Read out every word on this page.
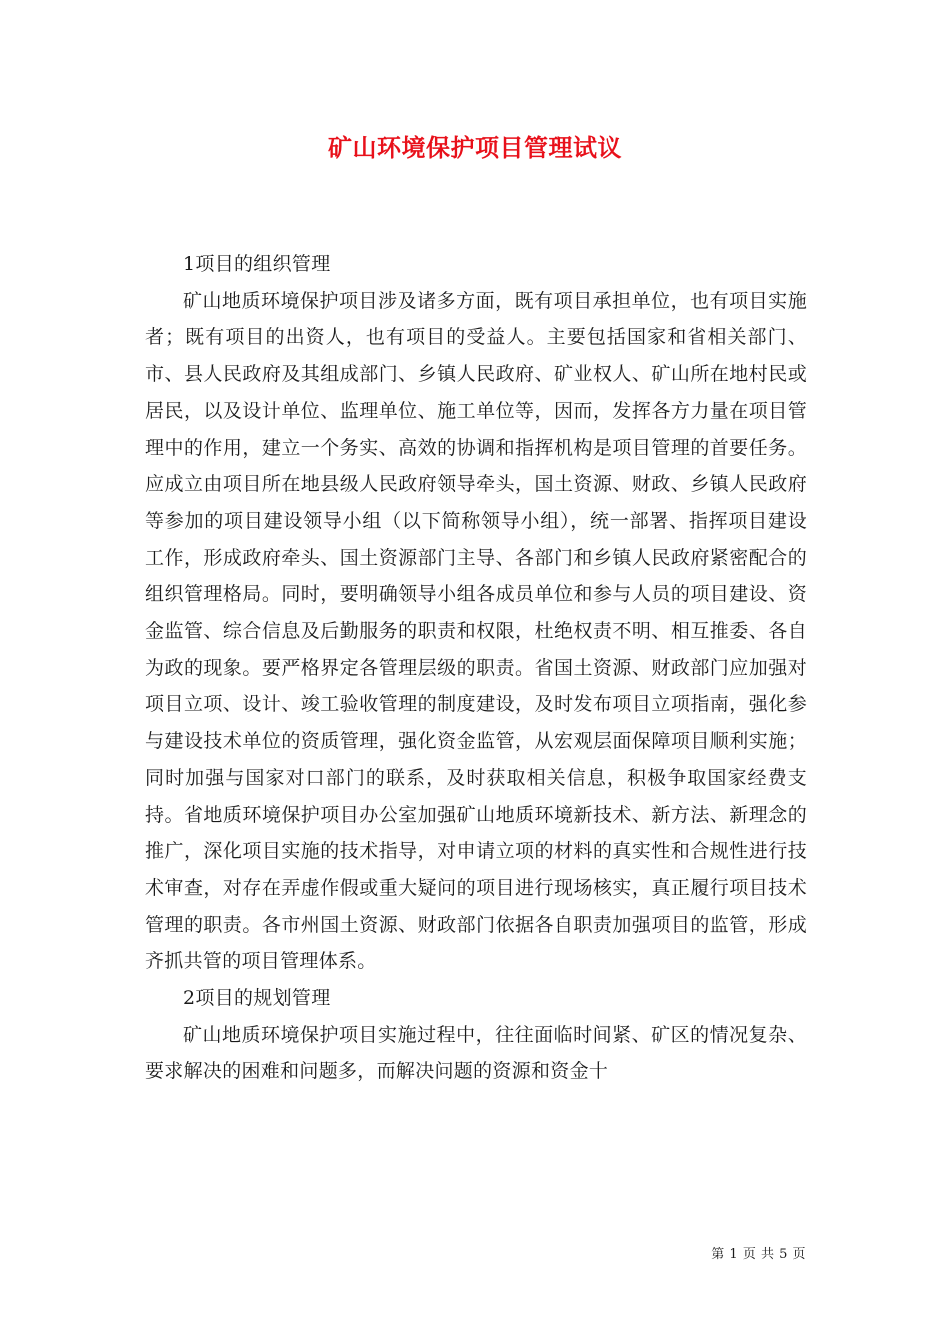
矿山环境保护项目管理试议

1项目的组织管理

矿山地质环境保护项目涉及诸多方面，既有项目承担单位，也有项目实施者；既有项目的出资人，也有项目的受益人。主要包括国家和省相关部门、市、县人民政府及其组成部门、乡镇人民政府、矿业权人、矿山所在地村民或居民，以及设计单位、监理单位、施工单位等，因而，发挥各方力量在项目管理中的作用，建立一个务实、高效的协调和指挥机构是项目管理的首要任务。应成立由项目所在地县级人民政府领导牵头，国土资源、财政、乡镇人民政府等参加的项目建设领导小组（以下简称领导小组），统一部署、指挥项目建设工作，形成政府牵头、国土资源部门主导、各部门和乡镇人民政府紧密配合的组织管理格局。同时，要明确领导小组各成员单位和参与人员的项目建设、资金监管、综合信息及后勤服务的职责和权限，杜绝权责不明、相互推委、各自为政的现象。要严格界定各管理层级的职责。省国土资源、财政部门应加强对项目立项、设计、竣工验收管理的制度建设，及时发布项目立项指南，强化参与建设技术单位的资质管理，强化资金监管，从宏观层面保障项目顺利实施；同时加强与国家对口部门的联系，及时获取相关信息，积极争取国家经费支持。省地质环境保护项目办公室加强矿山地质环境新技术、新方法、新理念的推广，深化项目实施的技术指导，对申请立项的材料的真实性和合规性进行技术审查，对存在弄虚作假或重大疑问的项目进行现场核实，真正履行项目技术管理的职责。各市州国土资源、财政部门依据各自职责加强项目的监管，形成齐抓共管的项目管理体系。

2项目的规划管理

矿山地质环境保护项目实施过程中，往往面临时间紧、矿区的情况复杂、要求解决的困难和问题多，而解决问题的资源和资金十

第 1 页 共 5 页
